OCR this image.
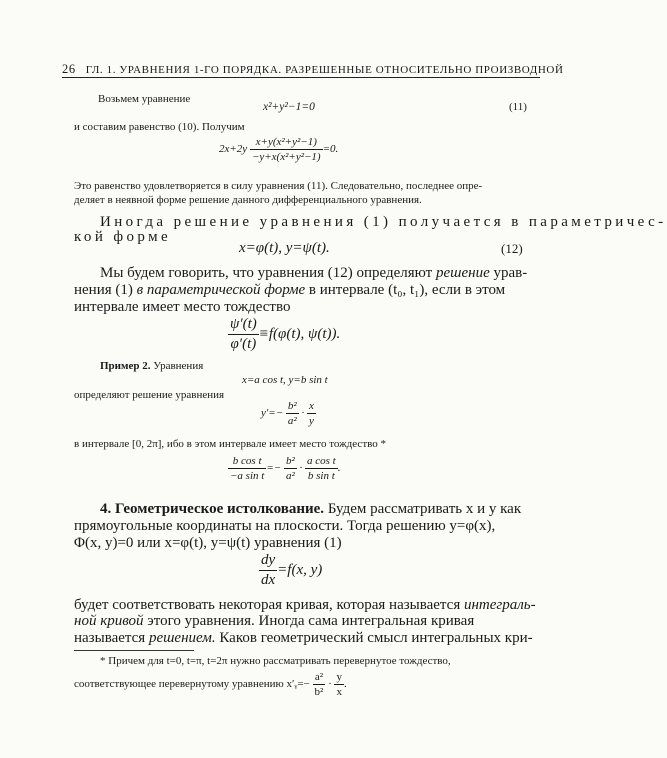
26 ГЛ. 1. УРАВНЕНИЯ 1-ГО ПОРЯДКА. РАЗРЕШЕННЫЕ ОТНОСИТЕЛЬНО ПРОИЗВОДНОЙ
Возьмем уравнение
x²+y²−1=0	(11)
и составим равенство (10). Получим
$2x+2y \frac{\text{x+y(x²+y²−1)}}{\text{−y+x(x²+y²−1)}} =0$.
Это равенство удовлетворяется в силу уравнения (11). Следовательно, последнее опре-
деляет в неявной форме решение данного дифференциального уравнения.
Иногда решение уравнения (1) получается в параметричес-
кой форме
x=φ(t), y=ψ(t).	(12)
Мы будем говорить, что уравнения (12) определяют решение урав-
нения (1) в параметрической форме в интервале (t₀, t₁), если в этом
интервале имеет место тождество
$\frac{\psi'(t)}{\varphi'(t)} \equiv f(\varphi(t)$, ψ(t)).
Пример 2. Уравнения
x=a cos t, y=b sin t
определяют решение уравнения
$y'=- \frac{\text{b²}}{\text{a²}} \cdot \frac{x}{y}$
в интервале [0, 2π], ибо в этом интервале имеет место тождество *
$\frac{\text{b cos t}}{\text{−a sin t}} =- \frac{\text{b²}}{\text{a²}} \cdot \frac{\text{a cos t}}{\text{b sin t}}$ .
4. Геометрическое истолкование. Будем рассматривать x и y как
прямоугольные координаты на плоскости. Тогда решению y=φ(x),
Φ(x, y)=0 или x=φ(t), y=ψ(t) уравнения (1)
$\frac{dy}{dx} =f(x$, y)
будет соответствовать некоторая кривая, которая называется интеграль-
ной кривой этого уравнения. Иногда сама интегральная кривая
называется решением. Каков геометрический смысл интегральных кри-
* Причем для t=0, t=π, t=2π нужно рассматривать перевернутое тождество,
соответствующее перевернутому уравнению x′ᵧ=− $\frac{\text{a²}}{\text{b²}} \cdot \frac{y}{x}$ .
